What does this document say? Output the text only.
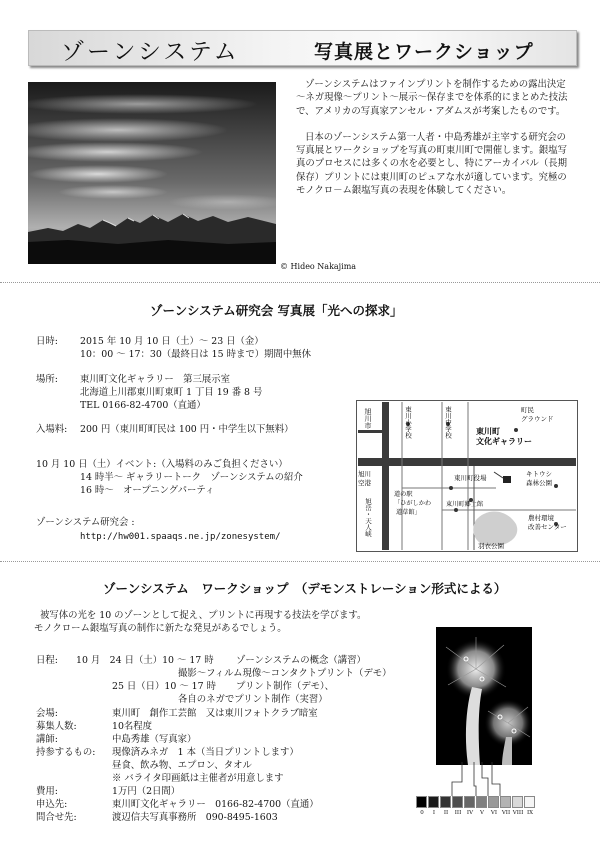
ゾーンシステム	写真展とワークショップ
© Hideo Nakajima

ゾーンシステムはファインプリントを制作するための露出決定～ネガ現像～プリント～展示～保存までを体系的にまとめた技法で、アメリカの写真家アンセル・アダムスが考案したものです。

日本のゾーンシステム第一人者・中島秀雄が主宰する研究会の写真展とワークショップを写真の町東川町で開催します。銀塩写真のプロセスには多くの水を必要とし、特にアーカイバル（長期保存）プリントには東川町のピュアな水が適しています。究極のモノクロ－ム銀塩写真の表現を体験してください。

ゾーンシステム研究会 写真展「光への探求」
日時: 2015 年 10 月 10 日（土）～ 23 日（金）
10：00 ～ 17：30（最終日は 15 時まで）期間中無休
場所: 東川町文化ギャラリー　第三展示室
北海道上川郡東川町東町 1 丁目 19 番 8 号
TEL 0166-82-4700（直通）
入場料: 200 円（東川町町民は 100 円・中学生以下無料）
10 月 10 日（土）イベント:（入場料のみご負担ください）
14 時半～ ギャラリートーク　ゾーンシステムの紹介
16 時～　オープニングパーティ
ゾーンシステム研究会 :
http://hw001.spaaqs.ne.jp/zonesystem/
旭川市	東川小学校	東川中学校	町民
グラウンド
東川町
文化ギャラリー
旭川
空港
東川町役場	キトウシ
森林公園
道の駅
「ひがしかわ
道草館」
東川町郷土館
旭岳・天人峡	農村環境
改善センター
羽衣公園
ゾーンシステム　ワークショップ　（デモンストレーション形式による）
被写体の光を 10 のゾーンとして捉え、プリントに再現する技法を学びます。
モノクローム銀塩写真の制作に新たな発見があるでしょう。
日程: 10 月　24 日（土）10 ～ 17 時 ゾーンシステムの概念（講習）
撮影～フィルム現像～コンタクトプリント（デモ）
25 日（日）10 ～ 17 時 プリント制作（デモ）、
各自のネガでプリント制作（実習）
会場:	東川町　創作工芸館　又は東川フォトクラブ暗室
募集人数:	10名程度
講師:	中島秀雄（写真家）
持参するもの: 現像済みネガ　1 本（当日プリントします）
昼食、飲み物、エプロン、タオル
※ バライタ印画紙は主催者が用意します
費用:	1万円（2日間）
申込先:	東川町文化ギャラリー　0166-82-4700（直通）
問合せ先:	渡辺信夫写真事務所　090-8495-1603	0	I	II	III	IV	V	VI VII VIII IX
